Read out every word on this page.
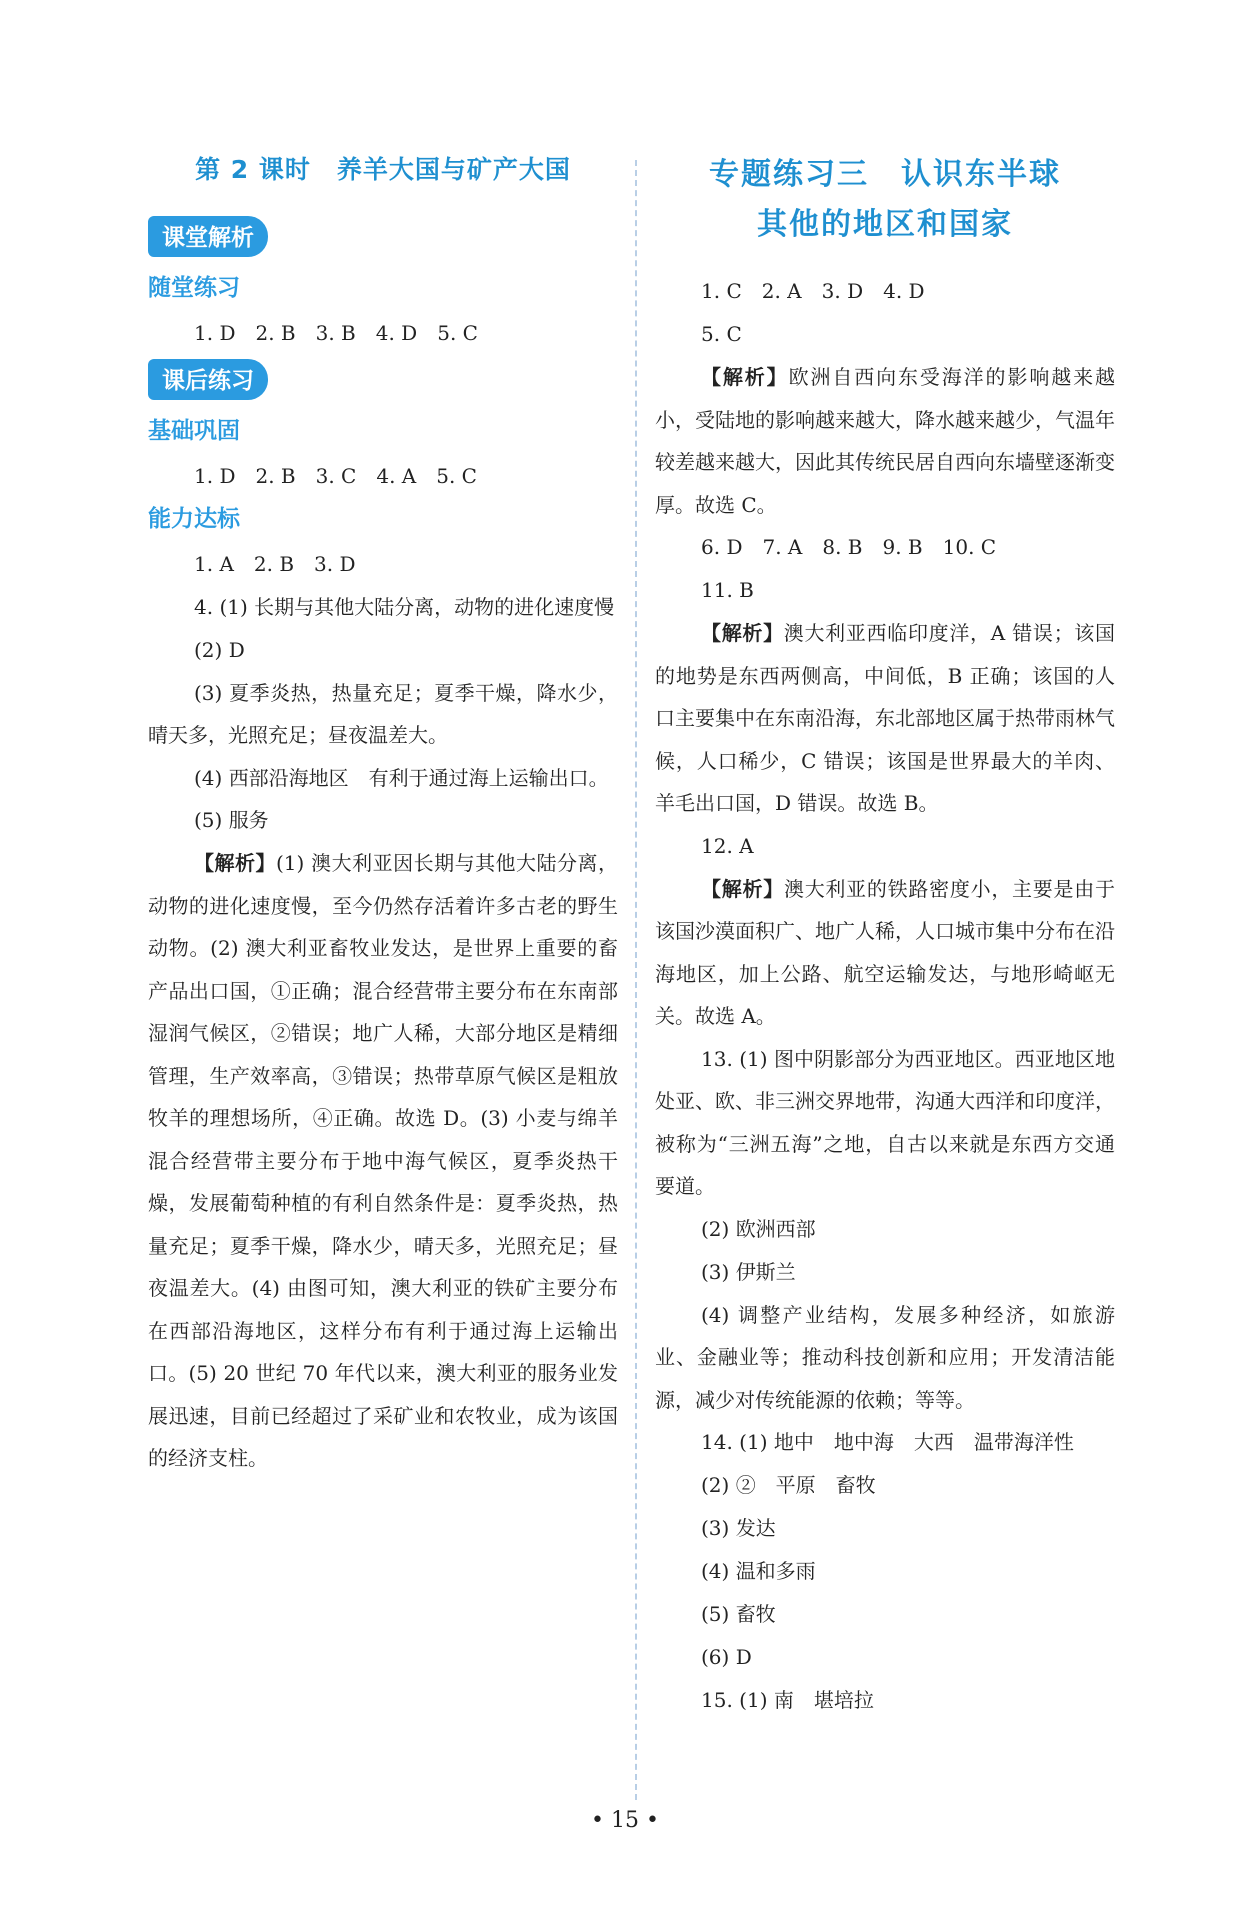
第 2 课时　养羊大国与矿产大国
课堂解析
随堂练习

1. D　2. B　3. B　4. D　5. C

课后练习
基础巩固

1. D　2. B　3. C　4. A　5. C

能力达标

1. A　2. B　3. D

4. (1) 长期与其他大陆分离，动物的进化速度慢

(2) D

(3) 夏季炎热，热量充足；夏季干燥，降水少，晴天多，光照充足；昼夜温差大。

(4) 西部沿海地区　有利于通过海上运输出口。

(5) 服务

【解析】(1) 澳大利亚因长期与其他大陆分离，动物的进化速度慢，至今仍然存活着许多古老的野生动物。(2) 澳大利亚畜牧业发达，是世界上重要的畜产品出口国，①正确；混合经营带主要分布在东南部湿润气候区，②错误；地广人稀，大部分地区是精细管理，生产效率高，③错误；热带草原气候区是粗放牧羊的理想场所，④正确。故选 D。(3) 小麦与绵羊混合经营带主要分布于地中海气候区，夏季炎热干燥，发展葡萄种植的有利自然条件是：夏季炎热，热量充足；夏季干燥，降水少，晴天多，光照充足；昼夜温差大。(4) 由图可知，澳大利亚的铁矿主要分布在西部沿海地区，这样分布有利于通过海上运输出口。(5) 20 世纪 70 年代以来，澳大利亚的服务业发展迅速，目前已经超过了采矿业和农牧业，成为该国的经济支柱。

专题练习三　认识东半球
其他的地区和国家

1. C　2. A　3. D　4. D

5. C

【解析】欧洲自西向东受海洋的影响越来越小，受陆地的影响越来越大，降水越来越少，气温年较差越来越大，因此其传统民居自西向东墙壁逐渐变厚。故选 C。

6. D　7. A　8. B　9. B　10. C

11. B

【解析】澳大利亚西临印度洋，A 错误；该国的地势是东西两侧高，中间低，B 正确；该国的人口主要集中在东南沿海，东北部地区属于热带雨林气候，人口稀少，C 错误；该国是世界最大的羊肉、羊毛出口国，D 错误。故选 B。

12. A

【解析】澳大利亚的铁路密度小，主要是由于该国沙漠面积广、地广人稀，人口城市集中分布在沿海地区，加上公路、航空运输发达，与地形崎岖无关。故选 A。

13. (1) 图中阴影部分为西亚地区。西亚地区地处亚、欧、非三洲交界地带，沟通大西洋和印度洋，被称为“三洲五海”之地，自古以来就是东西方交通要道。

(2) 欧洲西部

(3) 伊斯兰

(4) 调整产业结构，发展多种经济，如旅游业、金融业等；推动科技创新和应用；开发清洁能源，减少对传统能源的依赖；等等。

14. (1) 地中　地中海　大西　温带海洋性

(2) ②　平原　畜牧

(3) 发达

(4) 温和多雨

(5) 畜牧

(6) D

15. (1) 南　堪培拉

• 15 •
